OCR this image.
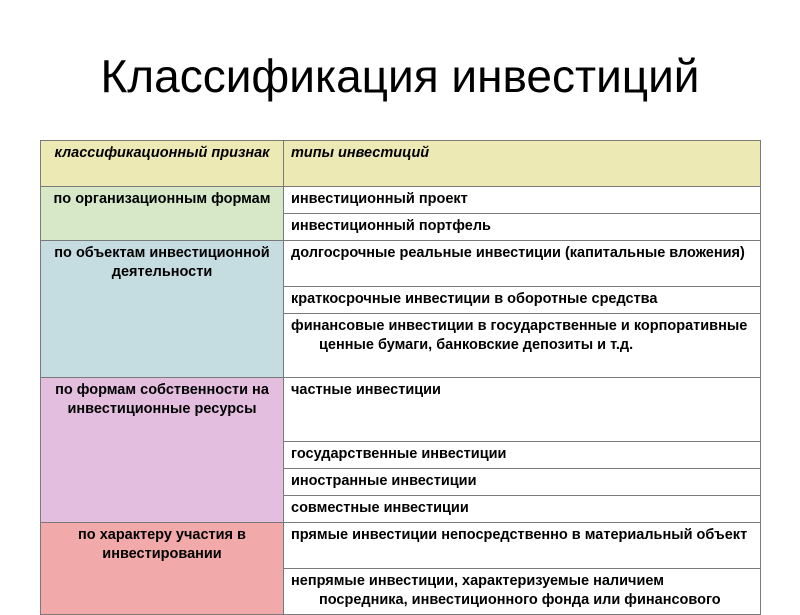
Классификация инвестиций
классификационный признак	типы инвестиций
по организационным формам	инвестиционный проект
	инвестиционный портфель
по объектам инвестиционной деятельности	долгосрочные реальные инвестиции (капитальные вложения)

	краткосрочные инвестиции в оборотные средства

	финансовые инвестиции в государственные и корпоративные ценные бумаги, банковские депозиты и т.д.

по формам собственности на инвестиционные ресурсы	частные инвестиции
	государственные инвестиции
	иностранные инвестиции
	совместные инвестиции
по характеру участия в инвестировании	прямые инвестиции непосредственно в материальный объект

	непрямые инвестиции, характеризуемые наличием посредника, инвестиционного фонда или финансового
